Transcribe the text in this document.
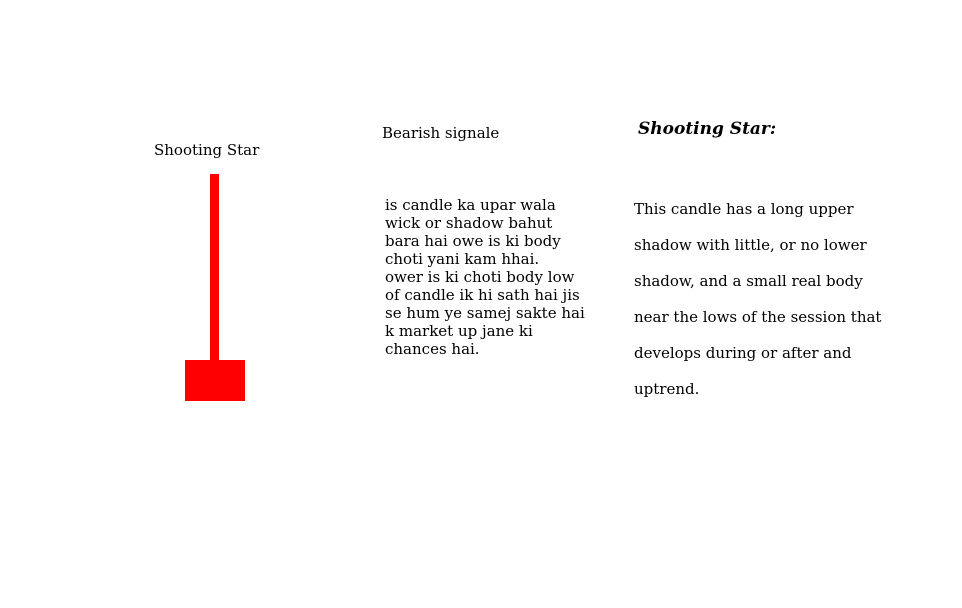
Shooting Star
Bearish signale
is candle ka upar wala
wick or shadow bahut
bara hai owe is ki body
choti yani kam hhai.
ower is ki choti body low
of candle ik hi sath hai jis
se hum ye samej sakte hai
k market up jane ki
chances hai.
Shooting Star:
This candle has a long upper
shadow with little, or no lower
shadow, and a small real body
near the lows of the session that
develops during or after and
uptrend.
